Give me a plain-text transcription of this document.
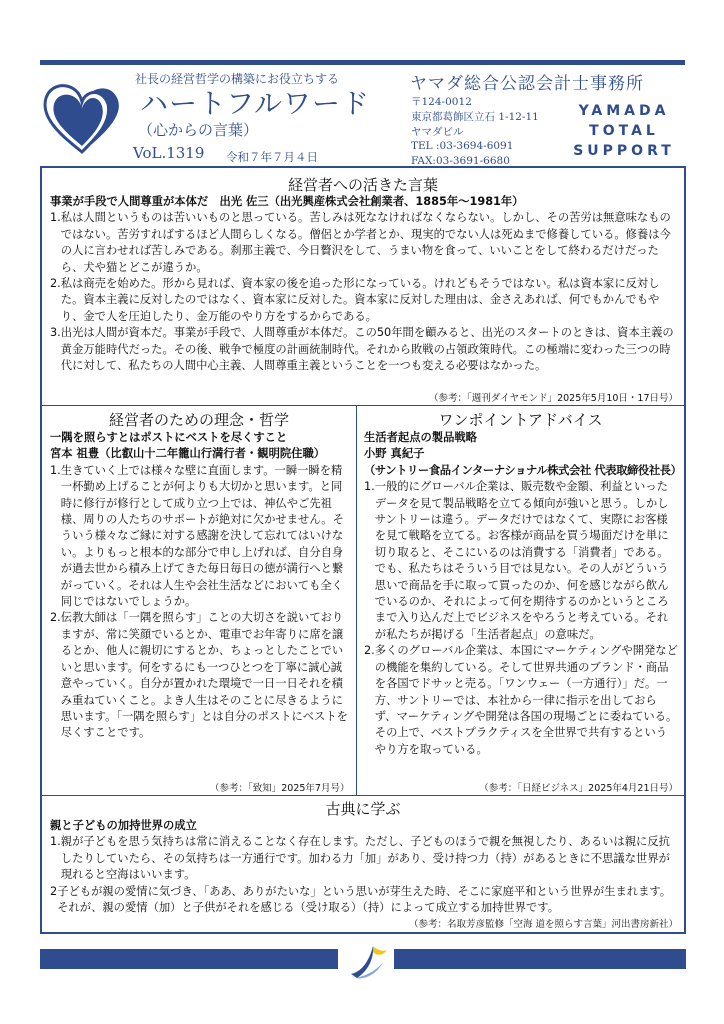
社長の経営哲学の構築にお役立ちする
ハートフルワード
（心からの言葉）
VoL.1319 令和７年７月４日
ヤマダ総合公認会計士事務所
〒124-0012
東京都葛飾区立石 1-12-11
ヤマダビル
TEL :03-3694-6091
FAX:03-3691-6680
YAMADA
TOTAL
SUPPORT
経営者への活きた言葉
事業が手段で人間尊重が本体だ　出光 佐三（出光興産株式会社創業者、1885年～1981年）
1. 私は人間というものは苦いいものと思っている。苦しみは死ななければなくならない。しかし、その苦労は無意味なものではない。苦労すればするほど人間らしくなる。僧侶とか学者とか、現実的でない人は死ぬまで修養している。修養は今の人に言わせれば苦しみである。刹那主義で、今日贅沢をして、うまい物を食って、いいことをして終わるだけだったら、犬や猫とどこが違うか。
2. 私は商売を始めた。形から見れば、資本家の後を追った形になっている。けれどもそうではない。私は資本家に反対した。資本主義に反対したのではなく、資本家に反対した。資本家に反対した理由は、金さえあれば、何でもかんでもやり、金で人を圧迫したり、金万能のやり方をするからである。
3. 出光は人間が資本だ。事業が手段で、人間尊重が本体だ。この50年間を顧みると、出光のスタートのときは、資本主義の黄金万能時代だった。その後、戦争で極度の計画統制時代。それから敗戦の占領政策時代。この極端に変わった三つの時代に対して、私たちの人間中心主義、人間尊重主義ということを一つも変える必要はなかった。
（参考：「週刊ダイヤモンド」2025年5月10日・17日号）
経営者のための理念・哲学
一隅を照らすとはポストにベストを尽くすこと
宮本 祖豊（比叡山十二年籠山行満行者・観明院住職）
1. 生きていく上では様々な壁に直面します。一瞬一瞬を精一杯勤め上げることが何よりも大切かと思います。と同時に修行が修行として成り立つ上では、神仏やご先祖様、周りの人たちのサポートが絶対に欠かせません。そういう様々なご縁に対する感謝を決して忘れてはいけない。よりもっと根本的な部分で申し上げれば、自分自身が過去世から積み上げてきた毎日毎日の徳が満行へと繋がっていく。それは人生や会社生活などにおいても全く同じではないでしょうか。
2. 伝教大師は「一隅を照らす」ことの大切さを説いておりますが、常に笑顔でいるとか、電車でお年寄りに席を譲るとか、他人に親切にするとか、ちょっとしたことでいいと思います。何をするにも一つひとつを丁寧に誠心誠意やっていく。自分が置かれた環境で一日一日それを積み重ねていくこと。よき人生はそのことに尽きるように思います。「一隅を照らす」とは自分のポストにベストを尽くすことです。
（参考：「致知」2025年7月号）
ワンポイントアドバイス
生活者起点の製品戦略
小野 真紀子
（サントリー食品インターナショナル株式会社 代表取締役社長）
1. 一般的にグローバル企業は、販売数や金額、利益といったデータを見て製品戦略を立てる傾向が強いと思う。しかしサントリーは違う。データだけではなくて、実際にお客様を見て戦略を立てる。お客様が商品を買う場面だけを単に切り取ると、そこにいるのは消費する「消費者」である。でも、私たちはそういう目では見ない。その人がどういう思いで商品を手に取って買ったのか、何を感じながら飲んでいるのか、それによって何を期待するのかというところまで入り込んだ上でビジネスをやろうと考えている。それが私たちが掲げる「生活者起点」の意味だ。
2. 多くのグローバル企業は、本国にマーケティングや開発などの機能を集約している。そして世界共通のブランド・商品を各国でドサッと売る。「ワンウェー（一方通行）」だ。一方、サントリーでは、本社から一律に指示を出しておらず、マーケティングや開発は各国の現場ごとに委ねている。その上で、ベストプラクティスを全世界で共有するというやり方を取っている。
（参考：「日経ビジネス」2025年4月21日号）
古典に学ぶ
親と子どもの加持世界の成立
1. 親が子どもを思う気持ちは常に消えることなく存在します。ただし、子どものほうで親を無視したり、あるいは親に反抗したりしていたら、その気持ちは一方通行です。加わる力「加」があり、受け持つ力（持）があるときに不思議な世界が現れると空海はいいます。
2 子どもが親の愛情に気づき、「ああ、ありがたいな」という思いが芽生えた時、そこに家庭平和という世界が生まれます。それが、親の愛情（加）と子供がそれを感じる（受け取る）（持）によって成立する加持世界です。
（参考：名取芳彦監修「空海 道を照らす言葉」河出書房新社）
